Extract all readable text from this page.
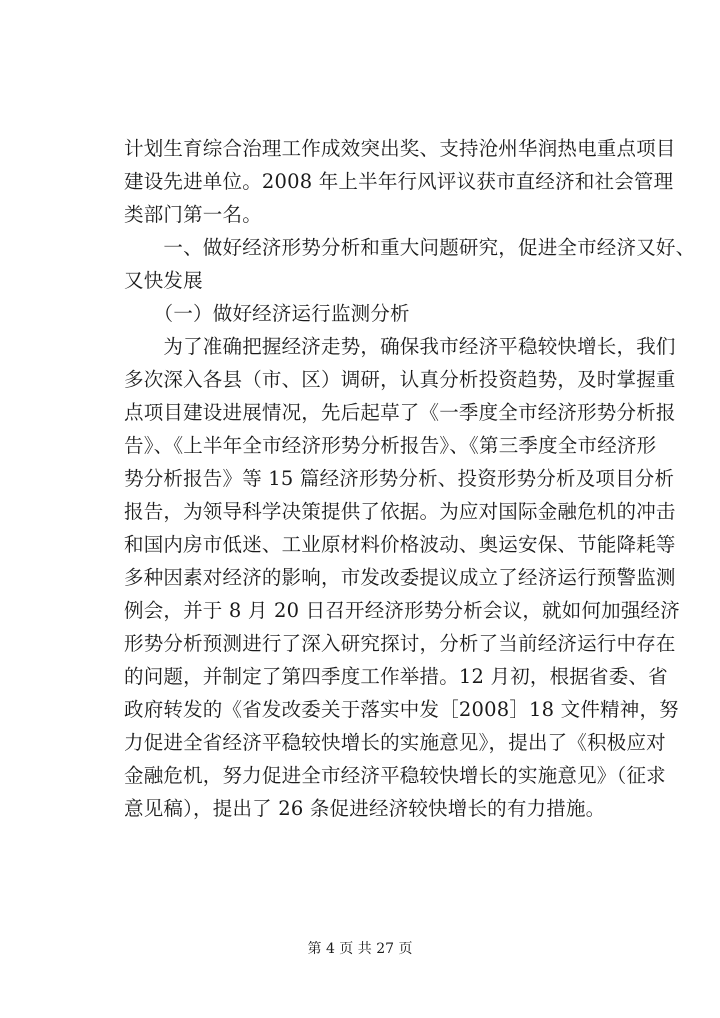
计划生育综合治理工作成效突出奖、支持沧州华润热电重点项目
建设先进单位。2008 年上半年行风评议获市直经济和社会管理
类部门第一名。
　　一、做好经济形势分析和重大问题研究，促进全市经济又好、
又快发展
　　（一）做好经济运行监测分析
　　为了准确把握经济走势，确保我市经济平稳较快增长，我们
多次深入各县（市、区）调研，认真分析投资趋势，及时掌握重
点项目建设进展情况，先后起草了《一季度全市经济形势分析报
告》、《上半年全市经济形势分析报告》、《第三季度全市经济形
势分析报告》等 15 篇经济形势分析、投资形势分析及项目分析
报告，为领导科学决策提供了依据。为应对国际金融危机的冲击
和国内房市低迷、工业原材料价格波动、奥运安保、节能降耗等
多种因素对经济的影响，市发改委提议成立了经济运行预警监测
例会，并于 8 月 20 日召开经济形势分析会议，就如何加强经济
形势分析预测进行了深入研究探讨，分析了当前经济运行中存在
的问题，并制定了第四季度工作举措。12 月初，根据省委、省
政府转发的《省发改委关于落实中发［2008］18 文件精神，努
力促进全省经济平稳较快增长的实施意见》，提出了《积极应对
金融危机，努力促进全市经济平稳较快增长的实施意见》（征求
意见稿），提出了 26 条促进经济较快增长的有力措施。
第 4 页 共 27 页
